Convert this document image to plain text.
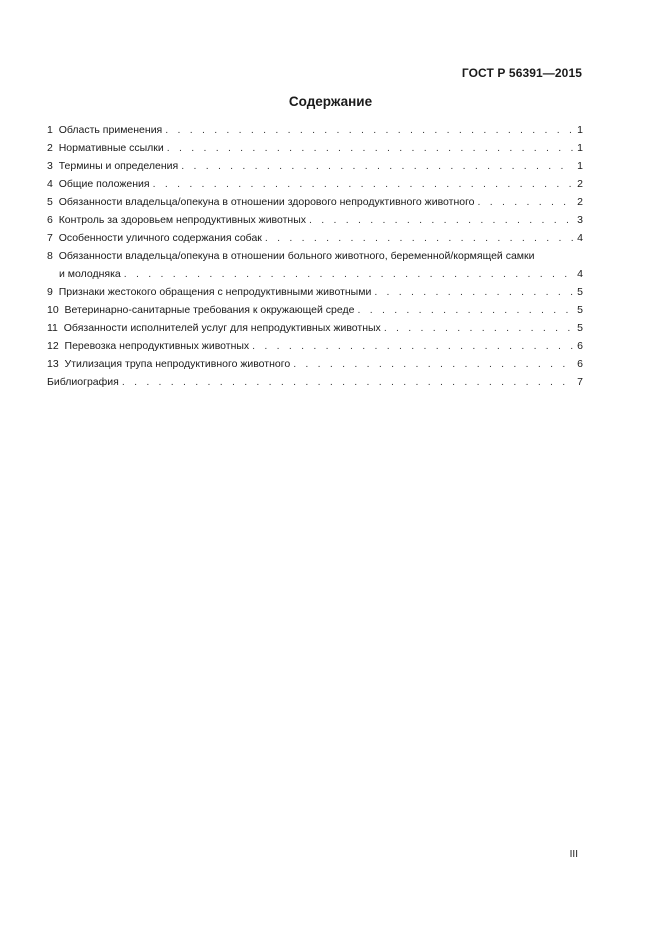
ГОСТ Р 56391—2015
Содержание
1
Область применения . . .	1
2
Нормативные ссылки . . .	1
3
Термины и определения . . .	1
4
Общие положения . . .	2
5
Обязанности владельца/опекуна в отношении здорового непродуктивного животного . . .	2
6
Контроль за здоровьем непродуктивных животных . . .	3
7
Особенности уличного содержания собак . . .	4
8
Обязанности владельца/опекуна в отношении больного животного, беременной/кормящей самки
и молодняка . . .	4
9
Признаки жестокого обращения с непродуктивными животными . . .	5
10
Ветеринарно-санитарные требования к окружающей среде . . .	5
11
Обязанности исполнителей услуг для непродуктивных животных . . .	5
12
Перевозка непродуктивных животных . . .	6
13
Утилизация трупа непродуктивного животного . . .	6
Библиография . . .	7
III
